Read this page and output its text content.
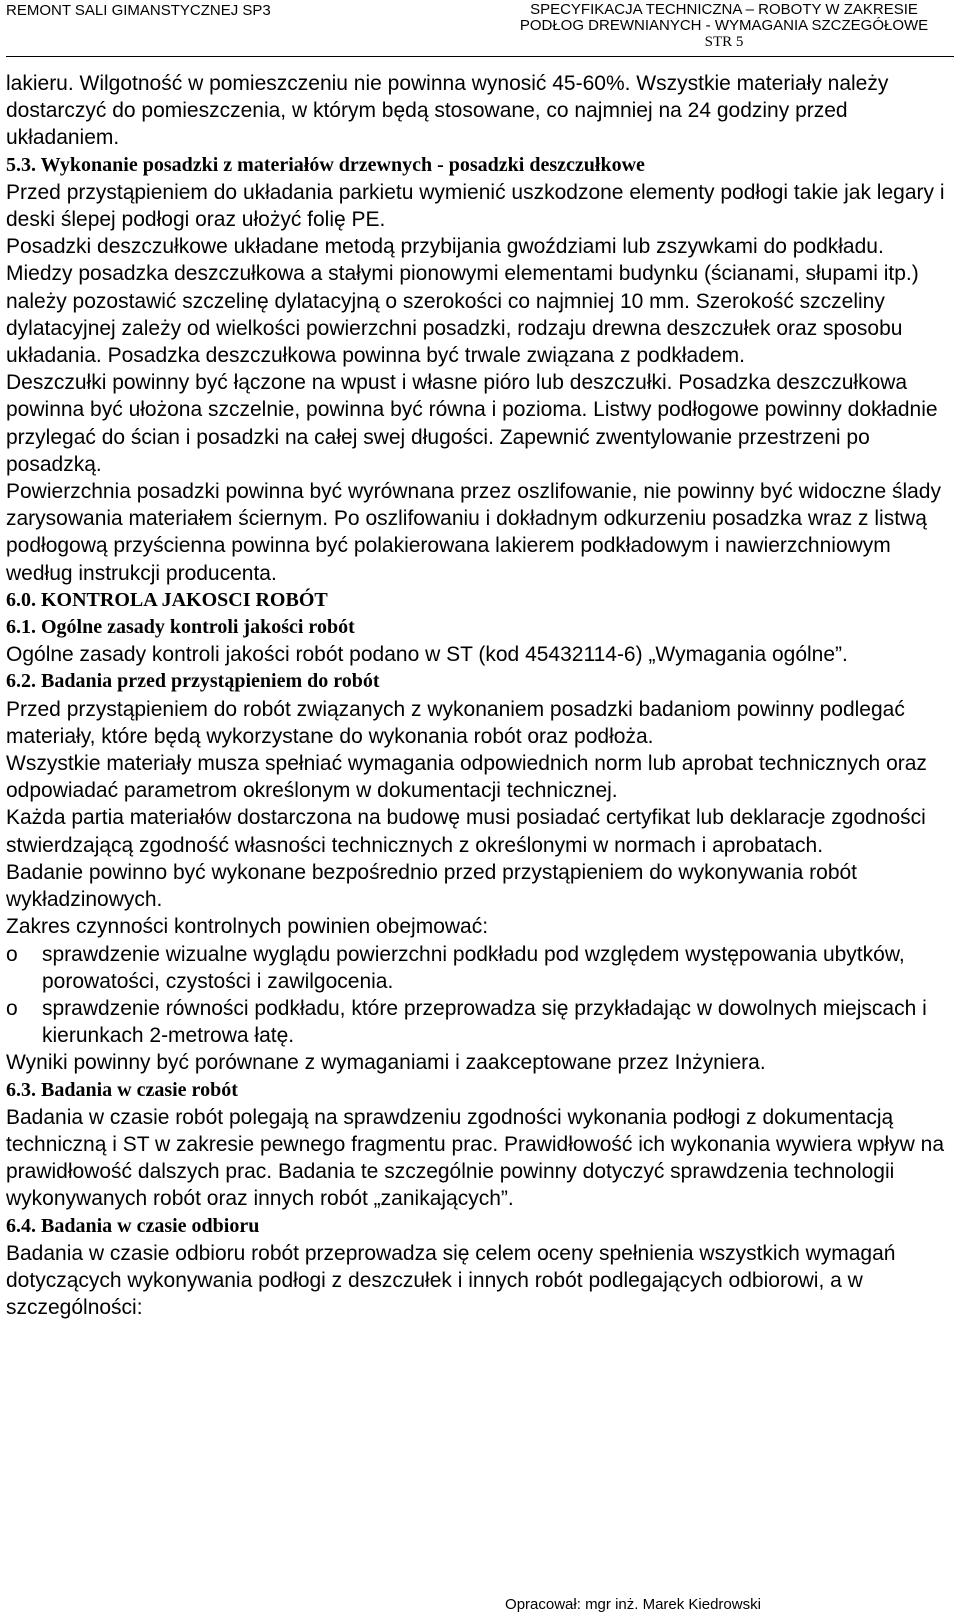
REMONT SALI GIMANSTYCZNEJ SP3	SPECYFIKACJA TECHNICZNA – ROBOTY W ZAKRESIE
PODŁOG DREWNIANYCH - WYMAGANIA SZCZEGÓŁOWE
STR 5

lakieru. Wilgotność w pomieszczeniu nie powinna wynosić 45-60%. Wszystkie materiały należy dostarczyć do pomieszczenia, w którym będą stosowane, co najmniej na 24 godziny przed układaniem.

5.3. Wykonanie posadzki z materiałów drzewnych - posadzki deszczułkowe

Przed przystąpieniem do układania parkietu wymienić uszkodzone elementy podłogi takie jak legary i deski ślepej podłogi oraz ułożyć folię PE.

Posadzki deszczułkowe układane metodą przybijania gwoździami lub zszywkami do podkładu.

Miedzy posadzka deszczułkowa a stałymi pionowymi elementami budynku (ścianami, słupami itp.) należy pozostawić szczelinę dylatacyjną o szerokości co najmniej 10 mm. Szerokość szczeliny dylatacyjnej zależy od wielkości powierzchni posadzki, rodzaju drewna deszczułek oraz sposobu układania. Posadzka deszczułkowa powinna być trwale związana z podkładem.

Deszczułki powinny być łączone na wpust i własne pióro lub deszczułki. Posadzka deszczułkowa powinna być ułożona szczelnie, powinna być równa i pozioma. Listwy podłogowe powinny dokładnie przylegać do ścian i posadzki na całej swej długości. Zapewnić zwentylowanie przestrzeni po posadzką.

Powierzchnia posadzki powinna być wyrównana przez oszlifowanie, nie powinny być widoczne ślady zarysowania materiałem ściernym. Po oszlifowaniu i dokładnym odkurzeniu posadzka wraz z listwą podłogową przyścienna powinna być polakierowana lakierem podkładowym i nawierzchniowym według instrukcji producenta.

6.0. KONTROLA JAKOSCI ROBÓT

6.1. Ogólne zasady kontroli jakości robót

Ogólne zasady kontroli jakości robót podano w ST (kod 45432114-6) „Wymagania ogólne”.

6.2. Badania przed przystąpieniem do robót

Przed przystąpieniem do robót związanych z wykonaniem posadzki badaniom powinny podlegać materiały, które będą wykorzystane do wykonania robót oraz podłoża.

Wszystkie materiały musza spełniać wymagania odpowiednich norm lub aprobat technicznych oraz odpowiadać parametrom określonym w dokumentacji technicznej.

Każda partia materiałów dostarczona na budowę musi posiadać certyfikat lub deklaracje zgodności stwierdzającą zgodność własności technicznych z określonymi w normach i aprobatach.

Badanie powinno być wykonane bezpośrednio przed przystąpieniem do wykonywania robót wykładzinowych.

Zakres czynności kontrolnych powinien obejmować:

o	sprawdzenie wizualne wyglądu powierzchni podkładu pod względem występowania ubytków, porowatości, czystości i zawilgocenia.
o	sprawdzenie równości podkładu, które przeprowadza się przykładając w dowolnych miejscach i kierunkach 2-metrowa łatę.

Wyniki powinny być porównane z wymaganiami i zaakceptowane przez Inżyniera.

6.3. Badania w czasie robót

Badania w czasie robót polegają na sprawdzeniu zgodności wykonania podłogi z dokumentacją techniczną i ST w zakresie pewnego fragmentu prac. Prawidłowość ich wykonania wywiera wpływ na prawidłowość dalszych prac. Badania te szczególnie powinny dotyczyć sprawdzenia technologii wykonywanych robót oraz innych robót „zanikających”.

6.4. Badania w czasie odbioru

Badania w czasie odbioru robót przeprowadza się celem oceny spełnienia wszystkich wymagań dotyczących wykonywania podłogi z deszczułek i innych robót podlegających odbiorowi, a w szczególności:

Opracował: mgr inż. Marek Kiedrowski
